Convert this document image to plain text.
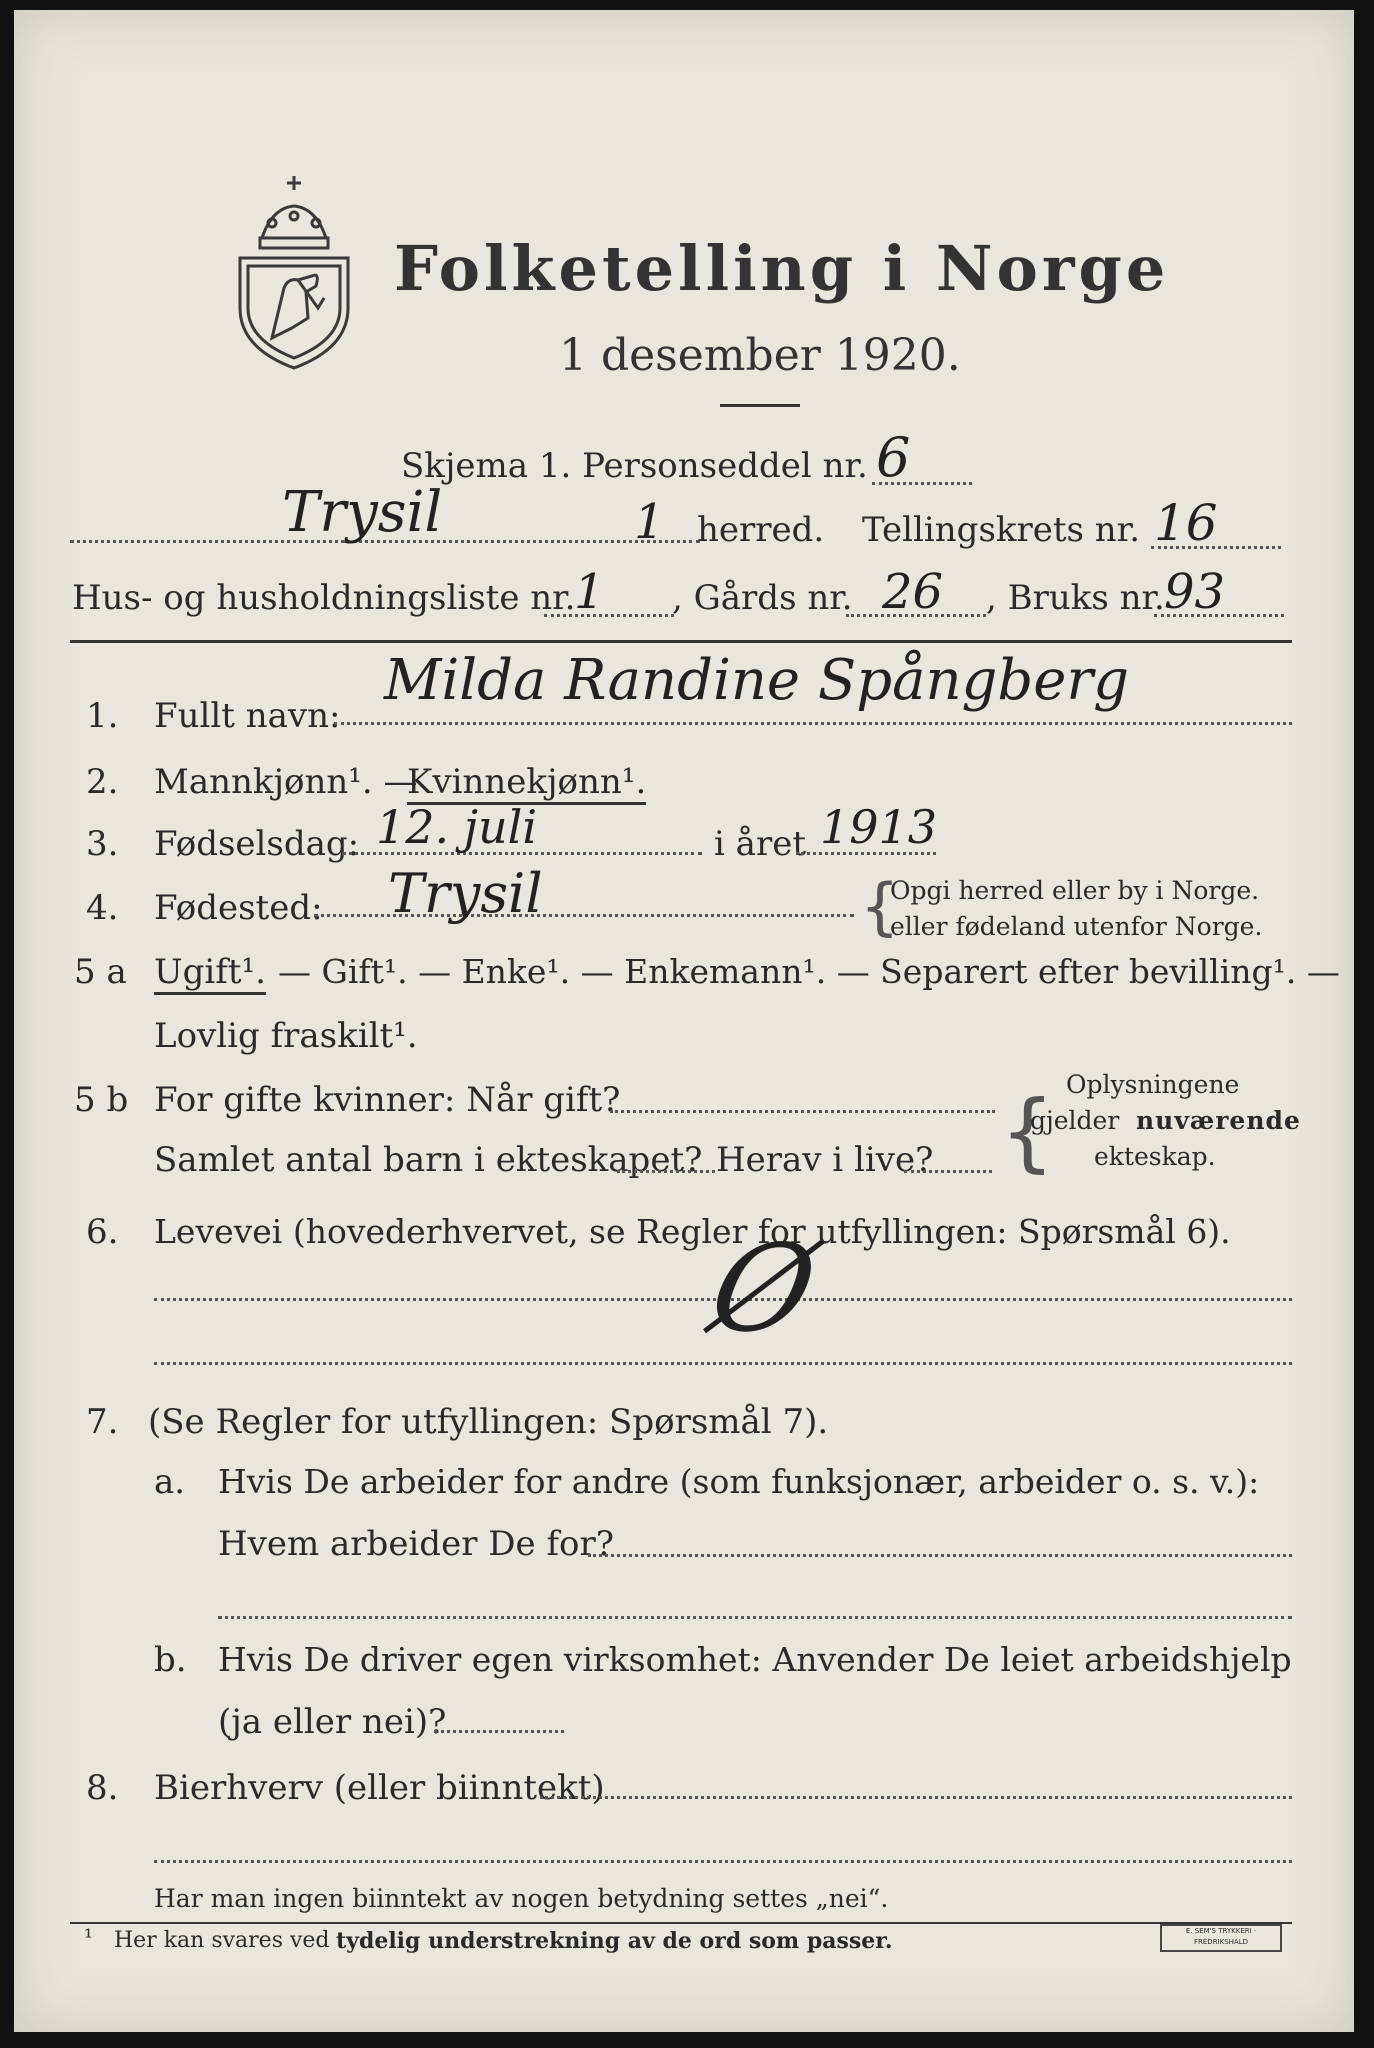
Folketelling i Norge
1 desember 1920.
Skjema 1. Personseddel nr. 6
Trysil	1 herred. Tellingskrets nr. 16
Hus- og husholdningsliste nr.
1 , Gårds nr. 26 , Bruks nr. 93
1. Fullt navn:
Milda Randine Spångberg
2. Mannkjønn¹. —
Kvinnekjønn¹.
3. Fødselsdag: 12. juli	i året 1913
4. Fødested: Trysil	{
Opgi herred eller by i Norge.
eller fødeland utenfor Norge.
5 a Ugift¹. — Gift¹. — Enke¹. — Enkemann¹. — Separert efter bevilling¹. —
Lovlig fraskilt¹.
5 b For gifte kvinner: Når gift?
Samlet antal barn i ekteskapet? Herav i live? { Oplysningene
gjelder nuværende
ekteskap.
6. Levevei (hovederhvervet, se Regler for utfyllingen: Spørsmål 6).
Ø
7. (Se Regler for utfyllingen: Spørsmål 7).
a. Hvis De arbeider for andre (som funksjonær, arbeider o. s. v.):
Hvem arbeider De for?
b. Hvis De driver egen virksomhet: Anvender De leiet arbeidshjelp
(ja eller nei)?
8. Bierhverv (eller biinntekt)
Har man ingen biinntekt av nogen betydning settes „nei“.
¹ Her kan svares ved tydelig understrekning av de ord som passer.	E. SEM'S TRYKKERI · FREDRIKSHALD
